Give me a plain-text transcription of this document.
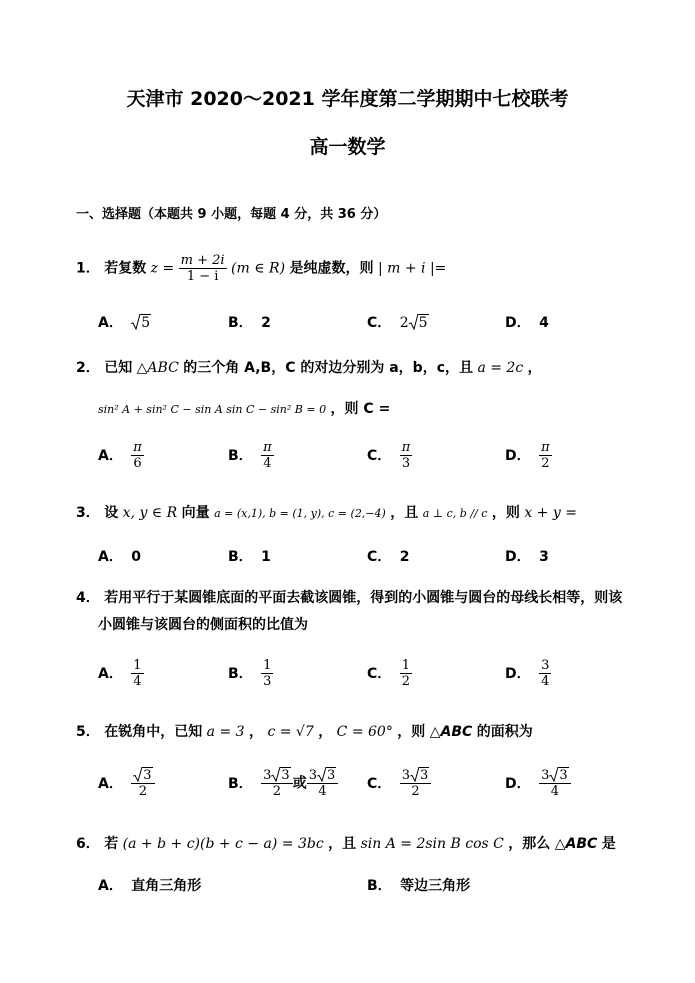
天津市 2020～2021 学年度第二学期期中七校联考
高一数学
一、选择题（本题共 9 小题，每题 4 分，共 36 分）
1． 若复数 $z = \frac{m + 2i}{1 - i} (m$ ∈ R) 是纯虚数，则 | m + i |=
A． 5	B． 2	C． 2 5	D． 4
2． 已知 △ABC 的三个角 A,B，C 的对边分别为 a，b，c，且 a = 2c ，
sin² A + sin² C − sin A sin C − sin² B = 0 ，则 C =
A． $\frac{\pi}{6}$	B． $\frac{\pi}{4}$	C． $\frac{\pi}{3}$	D． $\frac{\pi}{2}$
3． 设 x, y ∈ R 向量 a = (x,1), b = (1, y), c = (2,−4) ，且 a ⊥ c, b // c ，则 x + y =
A． 0	B． 1	C． 2	D． 3
4． 若用平行于某圆锥底面的平面去截该圆锥，得到的小圆锥与圆台的母线长相等，则该
小圆锥与该圆台的侧面积的比值为
A． $\frac{1}{4}$	B． $\frac{1}{3}$	C． $\frac{1}{2}$	D． $\frac{3}{4}$
5． 在锐角中，已知 a = 3 ， c = √7 ， C = 60° ，则 △ABC 的面积为
A． $\frac{3}{2}$	B． $\frac{3 3}{2}$ 或 $\frac{3 3}{4}$ C． $\frac{3 3}{2}$	D． $\frac{3 3}{4}$
6． 若 (a + b + c)(b + c − a) = 3bc ，且 sin A = 2sin B cos C ，那么 △ABC 是
A． 直角三角形	B． 等边三角形
